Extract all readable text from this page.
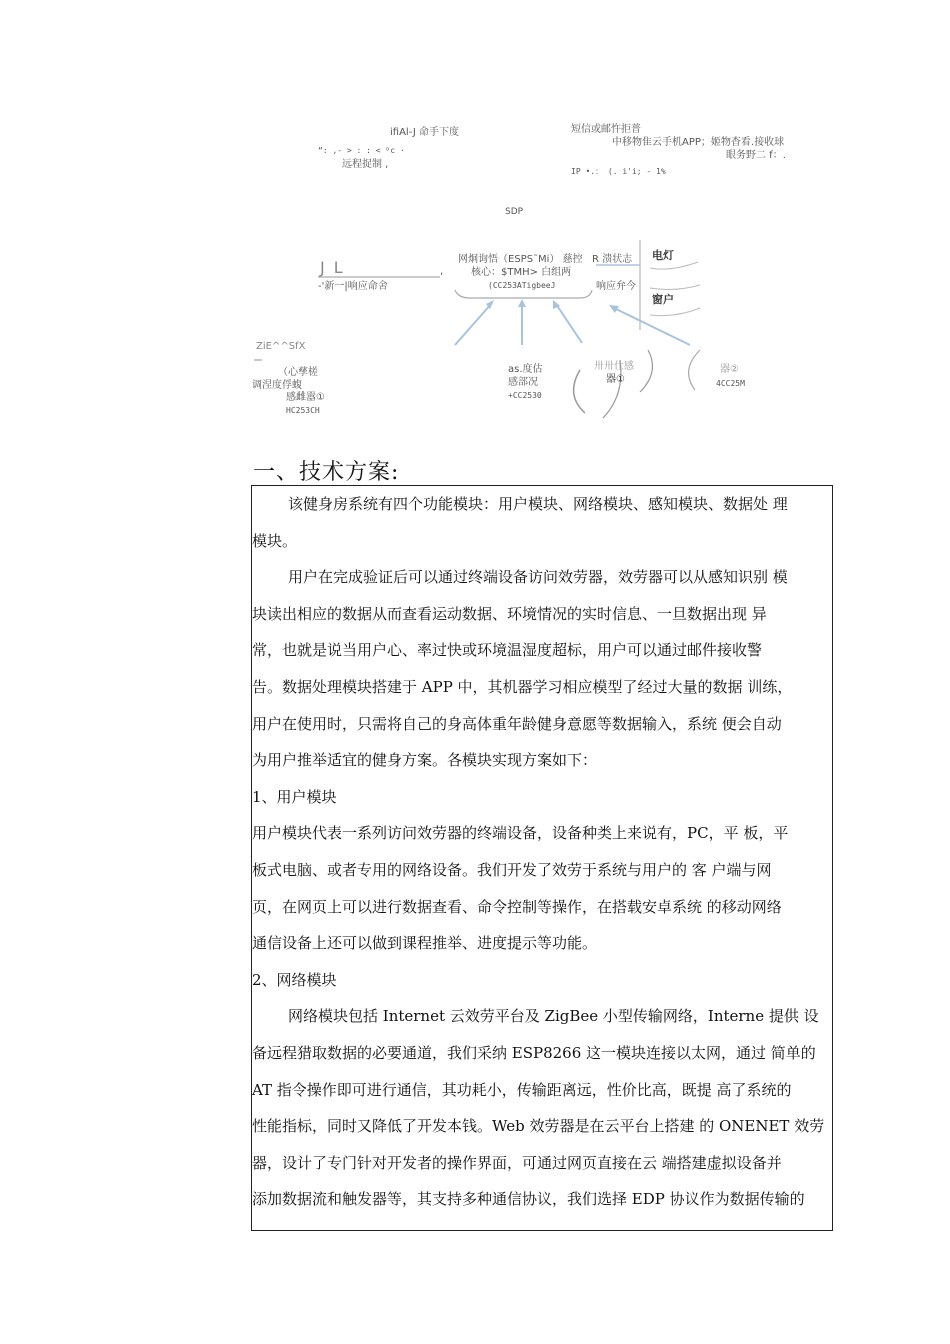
ifiAl-J 命手下度
“: ,- > : : < ᴰc ·
远程捉制 ,
短信或邮忤拒普
中移物隹云手机APP；姬物杳看.接收球
眼务野二 f：.
IP •.： (. i'i; - 1%
SDP
J L	,
-'新一|响应命舍
网炯询悟（ESPS˜Mi） 慈控
核心：$TMH> 白组两
(CC253ATigbeeJ
R 溃状志
响应弁今
电灯
窗户
ZiE^^SfX
（心孳槎
调涅度俘蝮
感雌嚣①
HC253CH
as.度估
感部况
+CC2530
卅卅仕感
器①
器②
4CC25M
一、技术方案:
该健身房系统有四个功能模块：用户模块、网络模块、感知模块、数据处 理
模块。
用户在完成验证后可以通过终端设备访问效劳器，效劳器可以从感知识别 模
块读出相应的数据从而查看运动数据、环境情况的实时信息、一旦数据出现 异
常，也就是说当用户心、率过快或环境温湿度超标，用户可以通过邮件接收警
告。数据处理模块搭建于 APP 中，其机器学习相应模型了经过大量的数据 训练，
用户在使用时，只需将自己的身高体重年龄健身意愿等数据输入，系统 便会自动
为用户推举适宜的健身方案。各模块实现方案如下：
1、用户模块
用户模块代表一系列访问效劳器的终端设备，设备种类上来说有，PC，平 板，平
板式电脑、或者专用的网络设备。我们开发了效劳于系统与用户的 客 户端与网
页，在网页上可以进行数据查看、命令控制等操作，在搭载安卓系统 的移动网络
通信设备上还可以做到课程推举、进度提示等功能。
2、网络模块
网络模块包括 Internet 云效劳平台及 ZigBee 小型传输网络，Interne 提供 设
备远程猎取数据的必要通道，我们采纳 ESP8266 这一模块连接以太网，通过 简单的
AT 指令操作即可进行通信，其功耗小，传输距离远，性价比高，既提 高了系统的
性能指标，同时又降低了开发本钱。Web 效劳器是在云平台上搭建 的 ONENET 效劳
器，设计了专门针对开发者的操作界面，可通过网页直接在云 端搭建虚拟设备并
添加数据流和触发器等，其支持多种通信协议，我们选择 EDP 协议作为数据传输的
